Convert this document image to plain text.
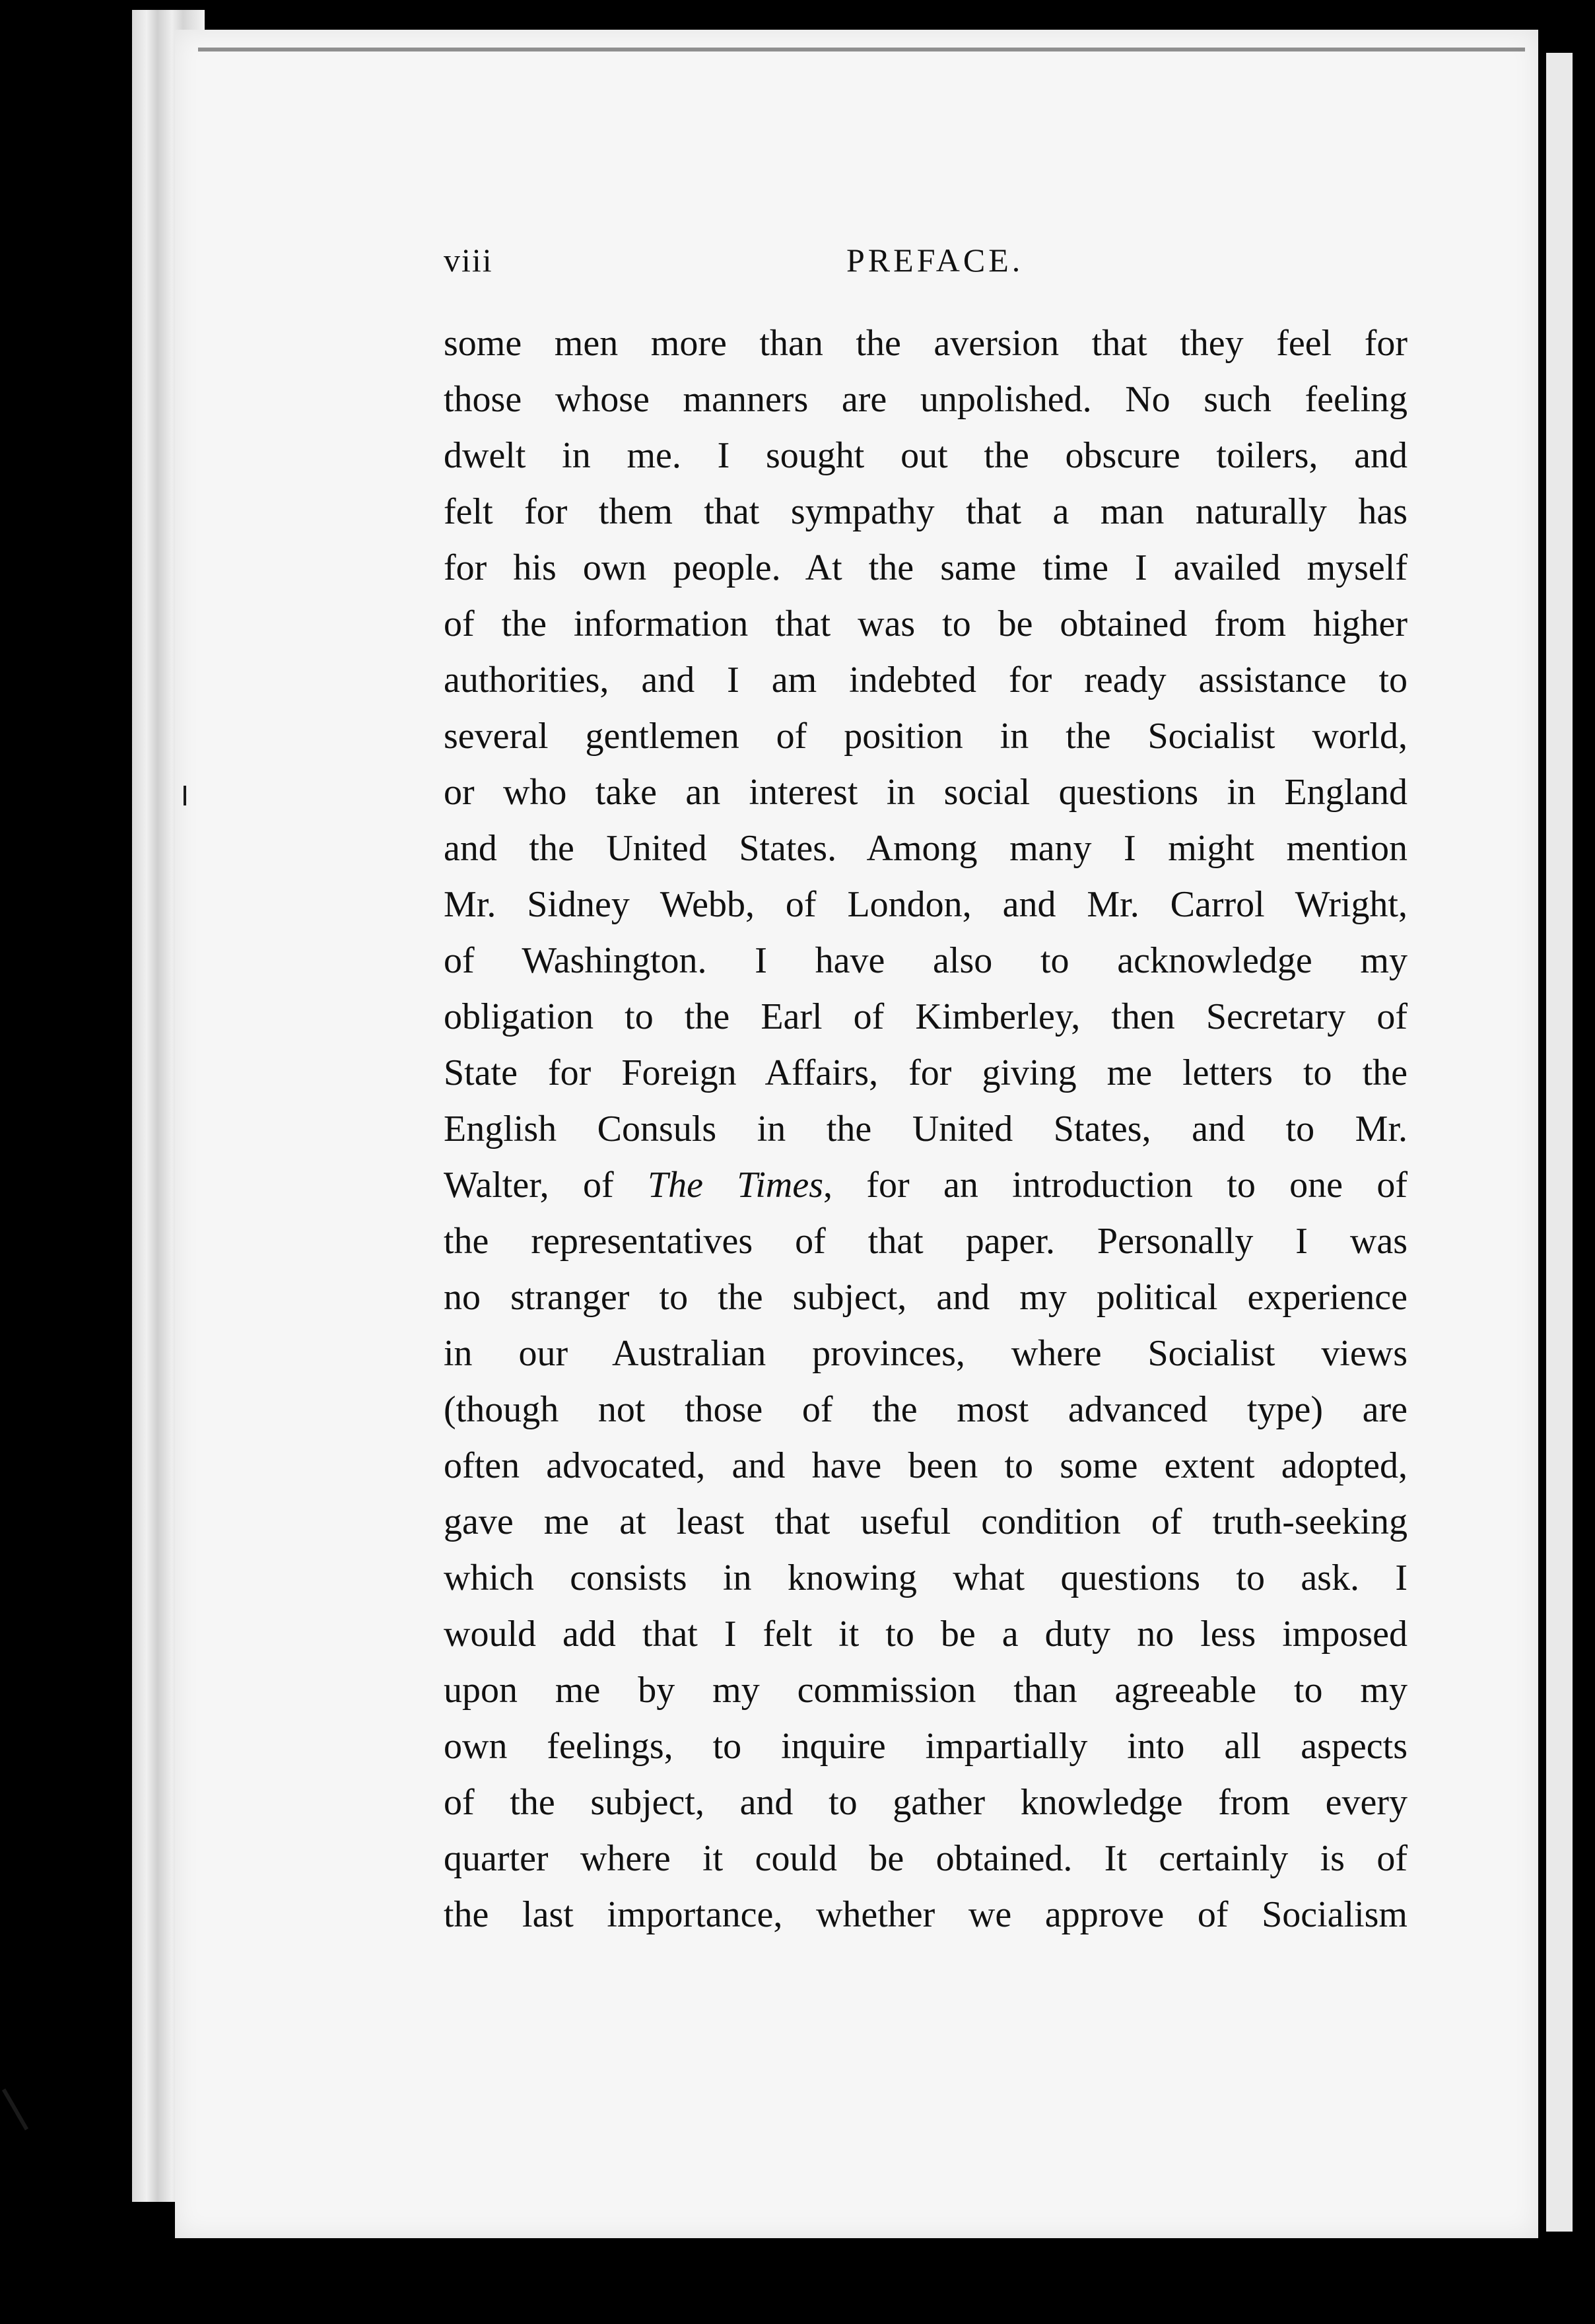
viii	PREFACE.
some men more than the aversion that they feel for
those whose manners are unpolished. No such feeling
dwelt in me. I sought out the obscure toilers, and
felt for them that sympathy that a man naturally has
for his own people. At the same time I availed myself
of the information that was to be obtained from higher
authorities, and I am indebted for ready assistance to
several gentlemen of position in the Socialist world,
or who take an interest in social questions in England
and the United States. Among many I might mention
Mr. Sidney Webb, of London, and Mr. Carrol Wright,
of Washington. I have also to acknowledge my
obligation to the Earl of Kimberley, then Secretary of
State for Foreign Affairs, for giving me letters to the
English Consuls in the United States, and to Mr.
Walter, of The Times, for an introduction to one of
the representatives of that paper. Personally I was
no stranger to the subject, and my political experience
in our Australian provinces, where Socialist views
(though not those of the most advanced type) are
often advocated, and have been to some extent adopted,
gave me at least that useful condition of truth-seeking
which consists in knowing what questions to ask. I
would add that I felt it to be a duty no less imposed
upon me by my commission than agreeable to my
own feelings, to inquire impartially into all aspects
of the subject, and to gather knowledge from every
quarter where it could be obtained. It certainly is of
the last importance, whether we approve of Socialism
